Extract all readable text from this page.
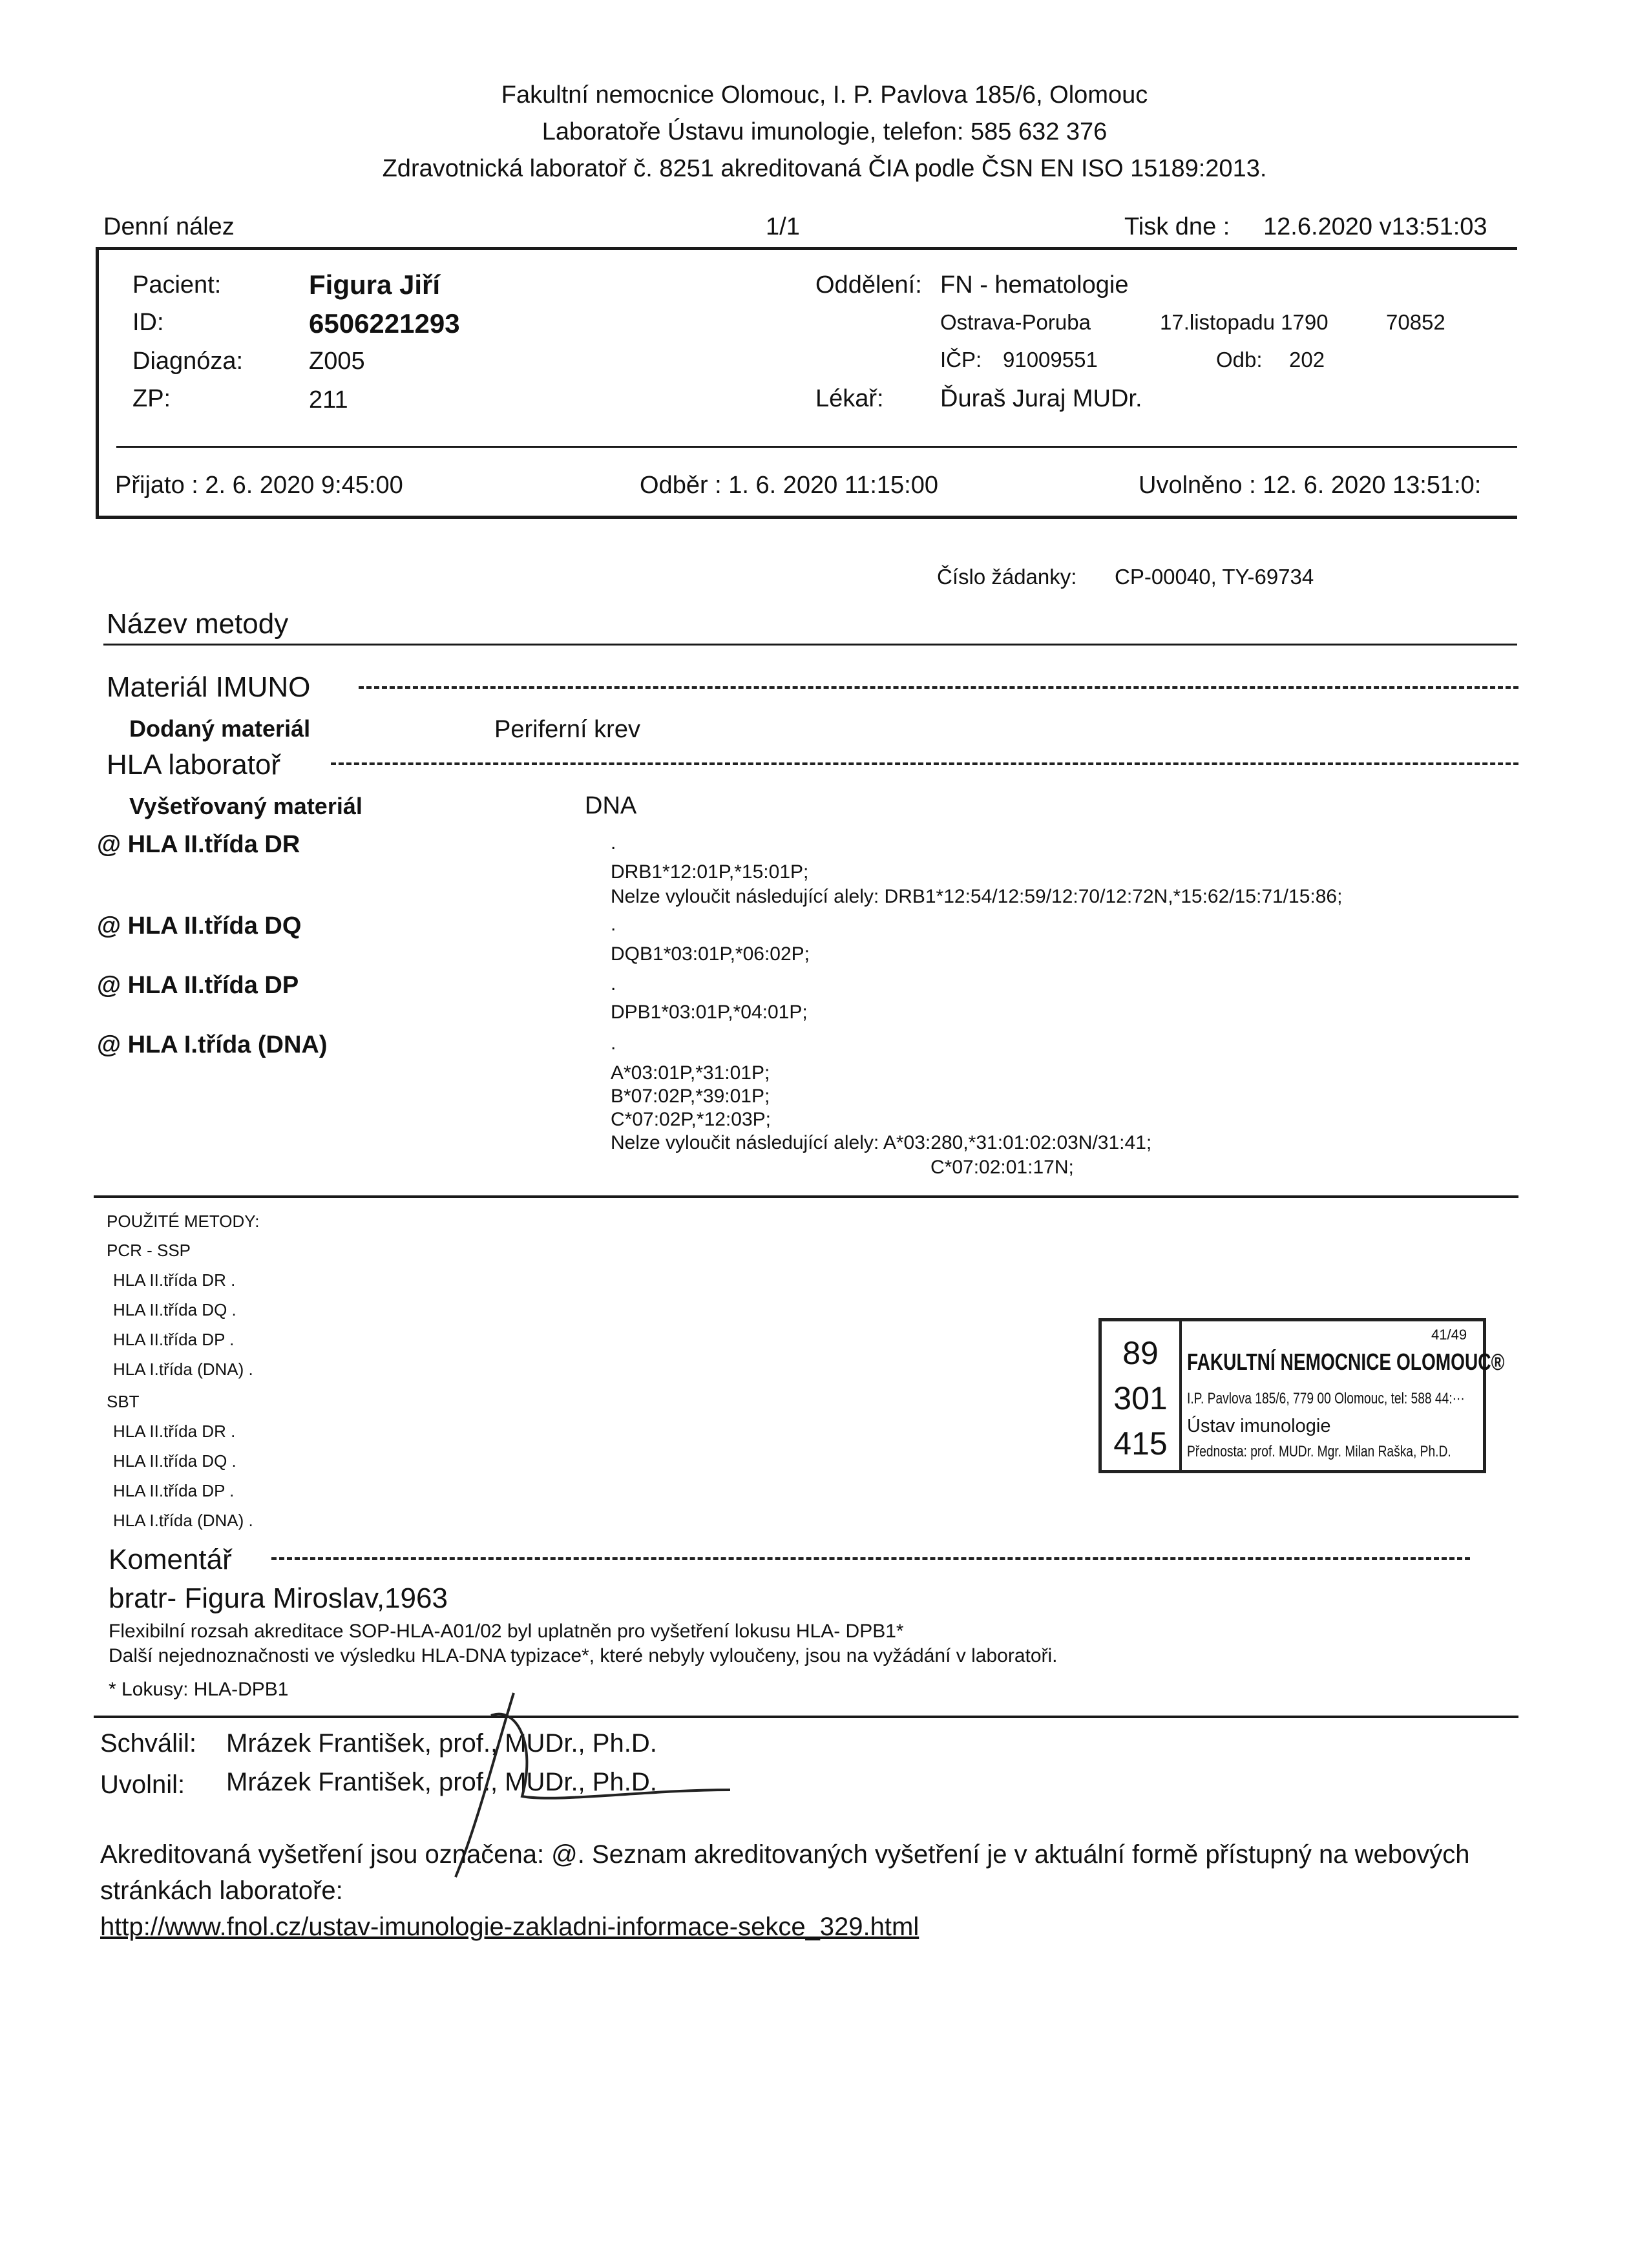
Fakultní nemocnice Olomouc, I. P. Pavlova 185/6, Olomouc
Laboratoře Ústavu imunologie, telefon: 585 632 376
Zdravotnická laboratoř č. 8251 akreditovaná ČIA podle ČSN EN ISO 15189:2013.
Denní nález	1/1	Tisk dne : 12.6.2020 v13:51:03
Pacient:	Figura Jiří
ID:	6506221293
Diagnóza:	Z005
ZP:	211
Oddělení: FN - hematologie
Ostrava-Poruba	17.listopadu 1790	70852
IČP: 91009551	Odb: 202
Lékař: Ďuraš Juraj MUDr.
Přijato : 2. 6. 2020 9:45:00	Odběr : 1. 6. 2020 11:15:00	Uvolněno : 12. 6. 2020 13:51:0:
Číslo žádanky: CP-00040, TY-69734
Název metody
Materiál IMUNO
Dodaný materiál	Periferní krev
HLA laboratoř
Vyšetřovaný materiál	DNA
@ HLA II.třída DR	.
DRB1*12:01P,*15:01P;
Nelze vyloučit následující alely: DRB1*12:54/12:59/12:70/12:72N,*15:62/15:71/15:86;
@ HLA II.třída DQ	.
DQB1*03:01P,*06:02P;
@ HLA II.třída DP	.
DPB1*03:01P,*04:01P;
@ HLA I.třída (DNA)	.
A*03:01P,*31:01P;
B*07:02P,*39:01P;
C*07:02P,*12:03P;
Nelze vyloučit následující alely: A*03:280,*31:01:02:03N/31:41;
C*07:02:01:17N;
POUŽITÉ METODY:
PCR - SSP
HLA II.třída DR .
HLA II.třída DQ .
HLA II.třída DP .
HLA I.třída (DNA) .
SBT
HLA II.třída DR .
HLA II.třída DQ .
HLA II.třída DP .
HLA I.třída (DNA) .
89
301
415
41/49
FAKULTNÍ NEMOCNICE OLOMOUC®
I.P. Pavlova 185/6, 779 00 Olomouc, tel: 588 44:···
Ústav imunologie
Přednosta: prof. MUDr. Mgr. Milan Raška, Ph.D.
Komentář
bratr- Figura Miroslav,1963
Flexibilní rozsah akreditace SOP-HLA-A01/02 byl uplatněn pro vyšetření lokusu HLA- DPB1*
Další nejednoznačnosti ve výsledku HLA-DNA typizace*, které nebyly vyloučeny, jsou na vyžádání v laboratoři.
* Lokusy: HLA-DPB1
Schválil: Mrázek František, prof., MUDr., Ph.D.
Uvolnil: Mrázek František, prof., MUDr., Ph.D.
Akreditovaná vyšetření jsou označena: @. Seznam akreditovaných vyšetření je v aktuální formě přístupný na webových
stránkách laboratoře:
http://www.fnol.cz/ustav-imunologie-zakladni-informace-sekce_329.html
